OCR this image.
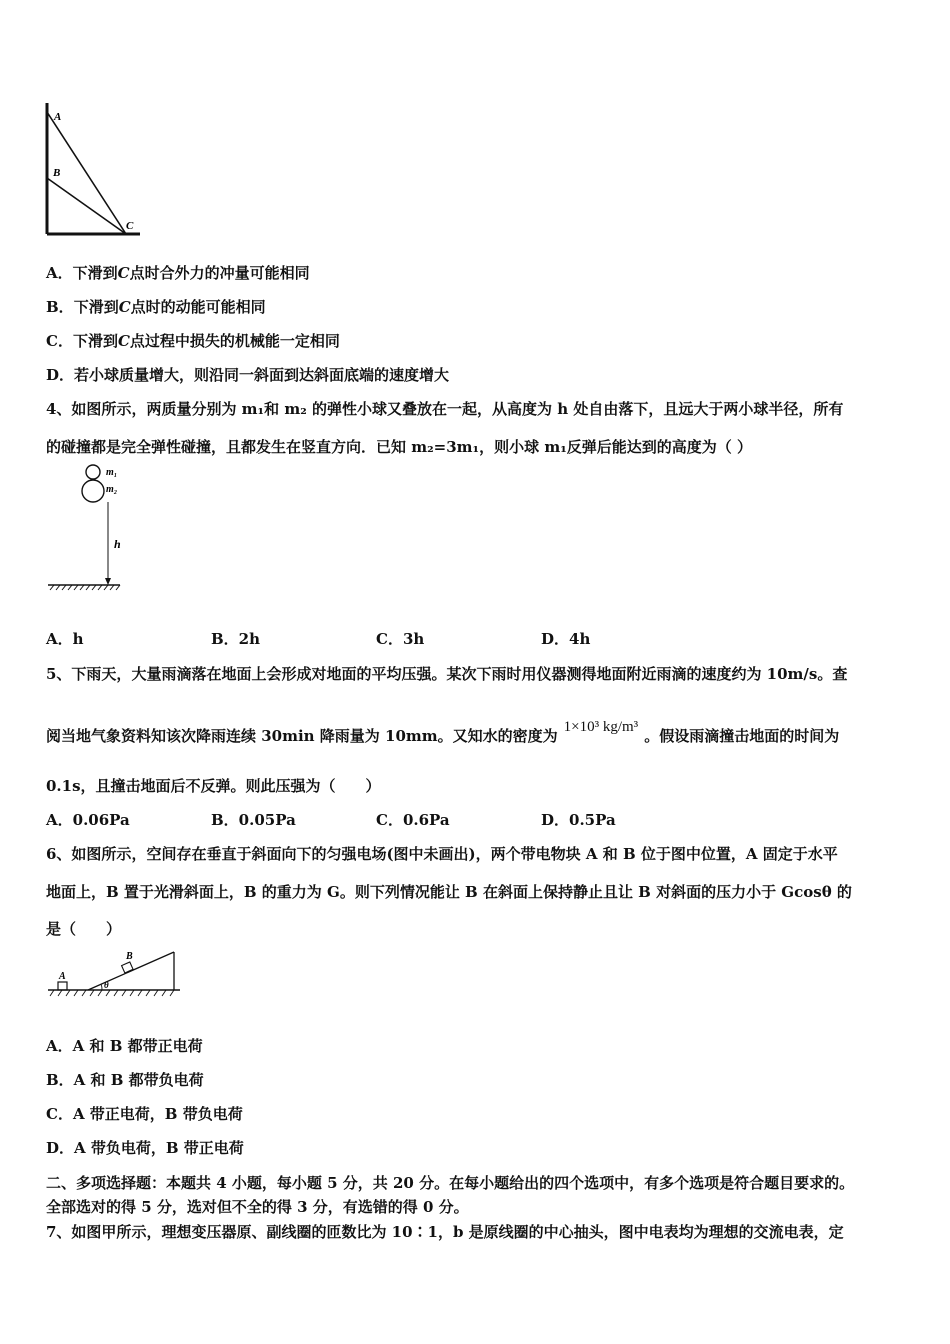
A
B
C
A．下滑到C点时合外力的冲量可能相同
B．下滑到C点时的动能可能相同
C．下滑到C点过程中损失的机械能一定相同
D．若小球质量增大，则沿同一斜面到达斜面底端的速度增大
4、如图所示，两质量分别为 m₁和 m₂ 的弹性小球又叠放在一起，从高度为 h 处自由落下，且远大于两小球半径，所有
的碰撞都是完全弹性碰撞，且都发生在竖直方向．已知 m₂=3m₁，则小球 m₁反弹后能达到的高度为（ ）
m₁
m₂
h
A．h	B．2h	C．3h	D．4h
5、下雨天，大量雨滴落在地面上会形成对地面的平均压强。某次下雨时用仪器测得地面附近雨滴的速度约为 10m/s。查
阅当地气象资料知该次降雨连续 30min 降雨量为 10mm。又知水的密度为 1×10³ kg/m³ 。假设雨滴撞击地面的时间为
0.1s，且撞击地面后不反弹。则此压强为（　　）
A．0.06Pa	B．0.05Pa	C．0.6Pa	D．0.5Pa
6、如图所示，空间存在垂直于斜面向下的匀强电场(图中未画出)，两个带电物块 A 和 B 位于图中位置，A 固定于水平
地面上，B 置于光滑斜面上，B 的重力为 G。则下列情况能让 B 在斜面上保持静止且让 B 对斜面的压力小于 Gcosθ 的
是（　　）
A
B
θ
A．A 和 B 都带正电荷
B．A 和 B 都带负电荷
C．A 带正电荷，B 带负电荷
D．A 带负电荷，B 带正电荷
二、多项选择题：本题共 4 小题，每小题 5 分，共 20 分。在每小题给出的四个选项中，有多个选项是符合题目要求的。
全部选对的得 5 分，选对但不全的得 3 分，有选错的得 0 分。
7、如图甲所示，理想变压器原、副线圈的匝数比为 10∶1，b 是原线圈的中心抽头，图中电表均为理想的交流电表，定
